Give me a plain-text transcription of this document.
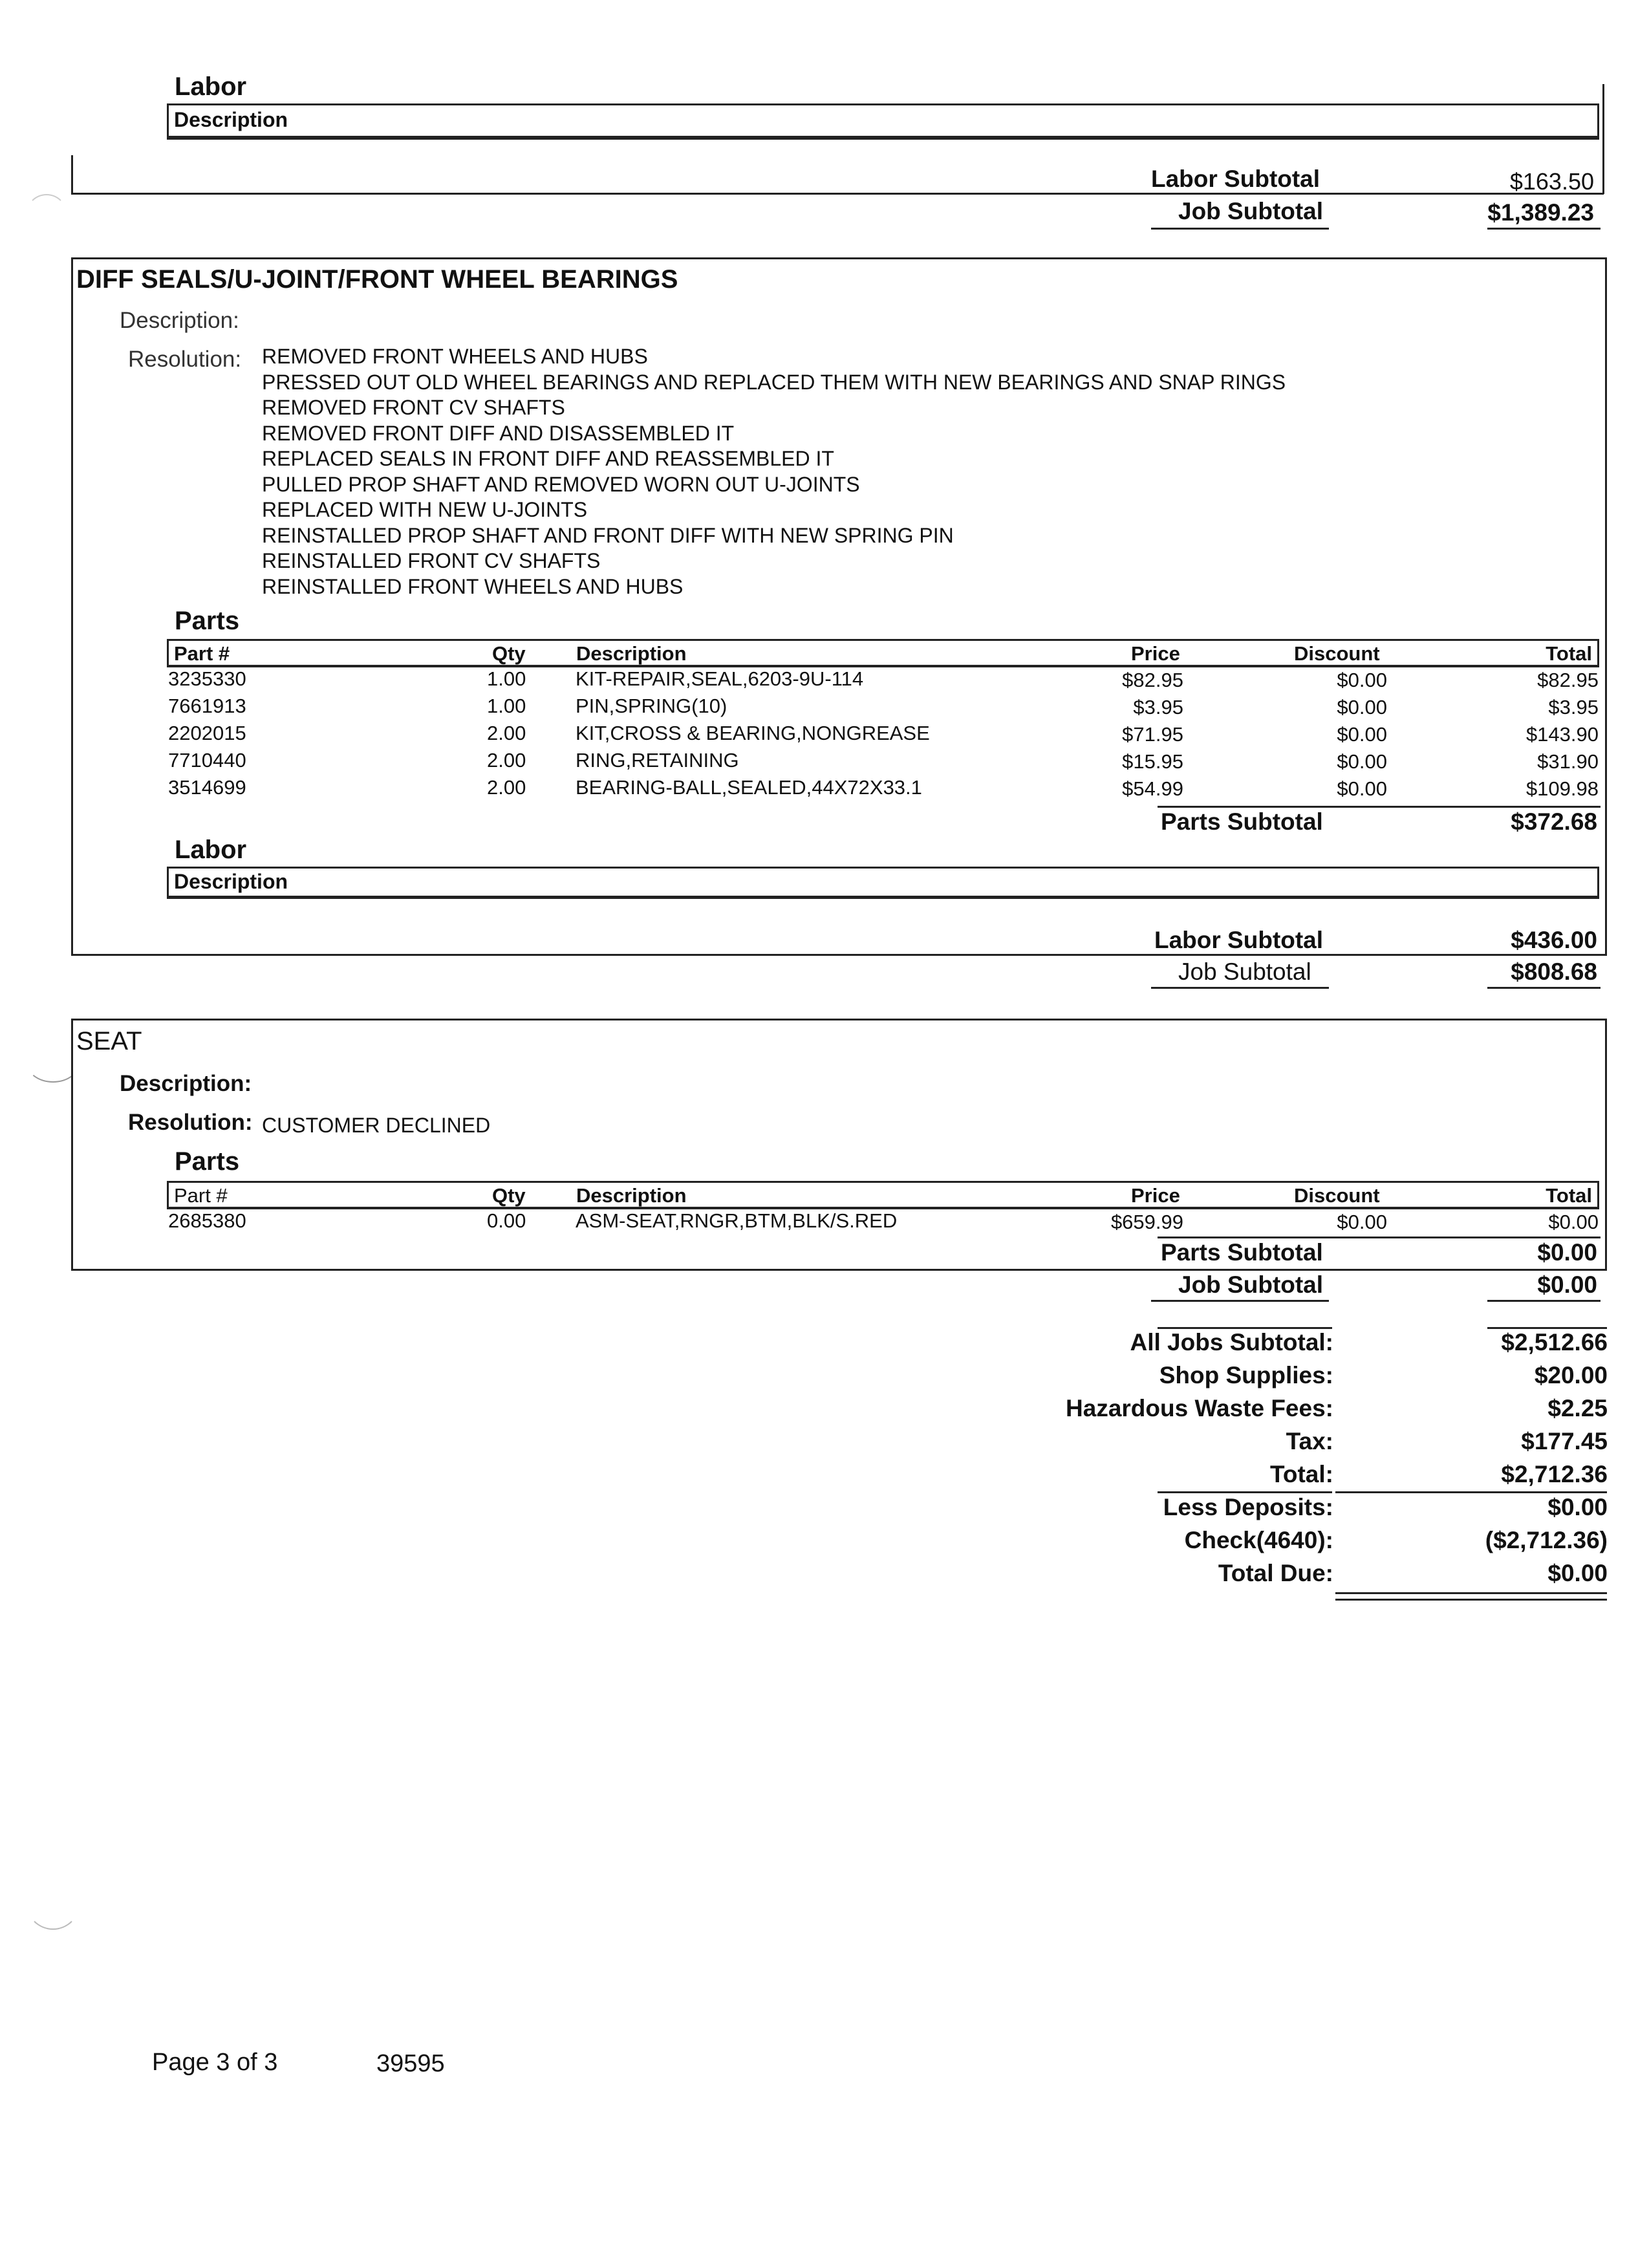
Labor
Description
Labor Subtotal	$163.50
Job Subtotal	$1,389.23
DIFF SEALS/U-JOINT/FRONT WHEEL BEARINGS
Description:
Resolution: REMOVED FRONT WHEELS AND HUBS
PRESSED OUT OLD WHEEL BEARINGS AND REPLACED THEM WITH NEW BEARINGS AND SNAP RINGS
REMOVED FRONT CV SHAFTS
REMOVED FRONT DIFF AND DISASSEMBLED IT
REPLACED SEALS IN FRONT DIFF AND REASSEMBLED IT
PULLED PROP SHAFT AND REMOVED WORN OUT U-JOINTS
REPLACED WITH NEW U-JOINTS
REINSTALLED PROP SHAFT AND FRONT DIFF WITH NEW SPRING PIN
REINSTALLED FRONT CV SHAFTS
REINSTALLED FRONT WHEELS AND HUBS
Parts
Part #	Qty	Description	Price	Discount	Total
3235330	1.00 KIT-REPAIR,SEAL,6203-9U-114	$82.95	$0.00	$82.95
7661913	1.00 PIN,SPRING(10)	$3.95	$0.00	$3.95
2202015	2.00 KIT,CROSS & BEARING,NONGREASE	$71.95	$0.00	$143.90
7710440	2.00 RING,RETAINING	$15.95	$0.00	$31.90
3514699	2.00 BEARING-BALL,SEALED,44X72X33.1	$54.99	$0.00	$109.98
Parts Subtotal	$372.68
Labor
Description
Labor Subtotal	$436.00
Job Subtotal	$808.68
SEAT
Description:
Resolution: CUSTOMER DECLINED
Parts
Part #	Qty	Description	Price	Discount	Total
2685380	0.00 ASM-SEAT,RNGR,BTM,BLK/S.RED	$659.99	$0.00	$0.00
Parts Subtotal	$0.00
Job Subtotal	$0.00
All Jobs Subtotal:	$2,512.66
Shop Supplies:	$20.00
Hazardous Waste Fees:	$2.25
Tax:	$177.45
Total:	$2,712.36
Less Deposits:	$0.00
Check(4640):	($2,712.36)
Total Due:	$0.00
Page 3 of 3	39595
